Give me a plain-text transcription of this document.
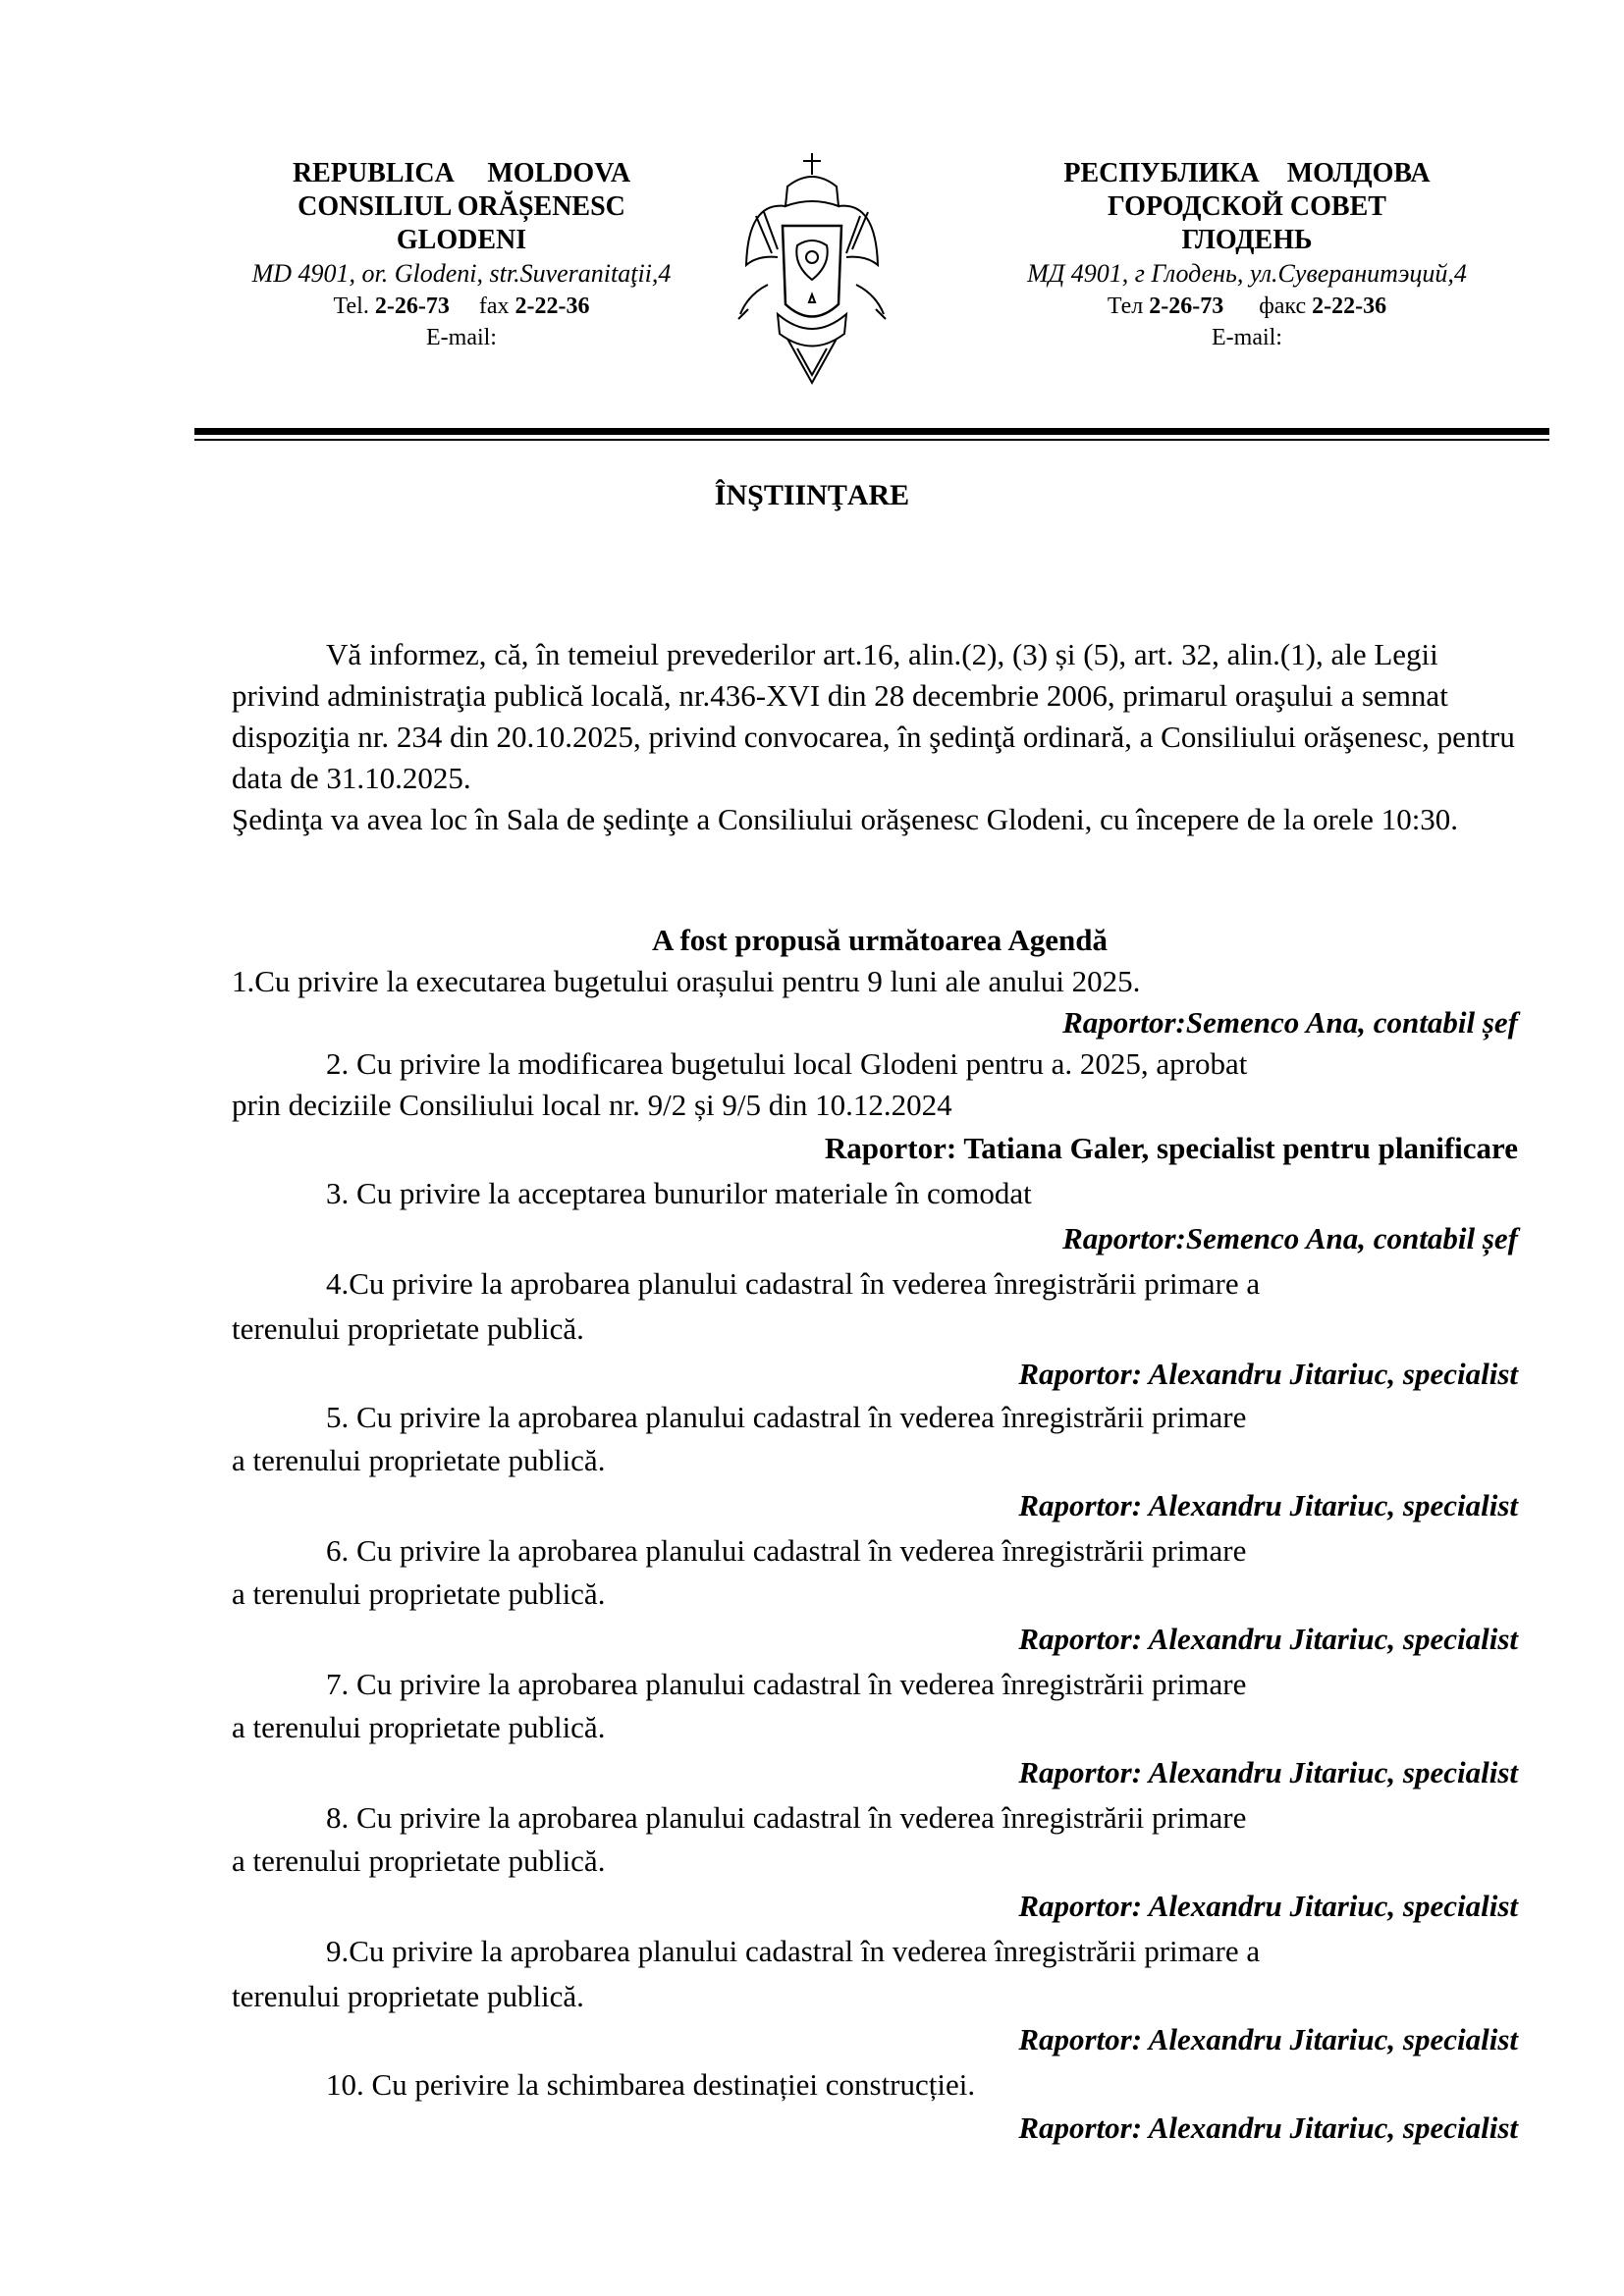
REPUBLICA     MOLDOVA
CONSILIUL ORĂȘENESC
GLODENI
MD 4901, or. Glodeni, str.Suveranitaţii,4
Tel. 2-26-73 fax 2-22-36
E-mail:
РЕСПУБЛИКА    МОЛДОВА
ГОРОДСКОЙ СОВЕТ
ГЛОДЕНЬ
МД 4901, г Глодень, ул.Суверанитэций,4
Тел 2-26-73 факс 2-22-36
E-mail:
ÎNŞTIINŢARE
Vă informez, că, în temeiul prevederilor art.16, alin.(2), (3) și (5), art. 32, alin.(1), ale Legii privind administraţia publică locală, nr.436-XVI din 28 decembrie 2006, primarul oraşului a semnat dispoziţia nr. 234 din 20.10.2025, privind convocarea, în şedinţă ordinară, a Consiliului orăşenesc, pentru data de 31.10.2025.
Şedinţa va avea loc în Sala de şedinţe a Consiliului orăşenesc Glodeni, cu începere de la orele 10:30.
A fost propusă următoarea Agendă
1.Cu privire la executarea bugetului orașului pentru 9 luni ale anului 2025.
Raportor:Semenco Ana, contabil șef
2. Cu privire la modificarea bugetului local Glodeni pentru a. 2025, aprobat
prin deciziile Consiliului local nr. 9/2 și 9/5 din 10.12.2024
Raportor: Tatiana Galer, specialist pentru planificare
3. Cu privire la acceptarea bunurilor materiale în comodat
Raportor:Semenco Ana, contabil șef
4.Cu privire la aprobarea planului cadastral în vederea înregistrării primare a
terenului proprietate publică.
Raportor: Alexandru Jitariuc, specialist
5. Cu privire la aprobarea planului cadastral în vederea înregistrării primare
a terenului proprietate publică.
Raportor: Alexandru Jitariuc, specialist
6. Cu privire la aprobarea planului cadastral în vederea înregistrării primare
a terenului proprietate publică.
Raportor: Alexandru Jitariuc, specialist
7. Cu privire la aprobarea planului cadastral în vederea înregistrării primare
a terenului proprietate publică.
Raportor: Alexandru Jitariuc, specialist
8. Cu privire la aprobarea planului cadastral în vederea înregistrării primare
a terenului proprietate publică.
Raportor: Alexandru Jitariuc, specialist
9.Cu privire la aprobarea planului cadastral în vederea înregistrării primare a
terenului proprietate publică.
Raportor: Alexandru Jitariuc, specialist
10. Cu perivire la schimbarea destinației construcției.
Raportor: Alexandru Jitariuc, specialist
